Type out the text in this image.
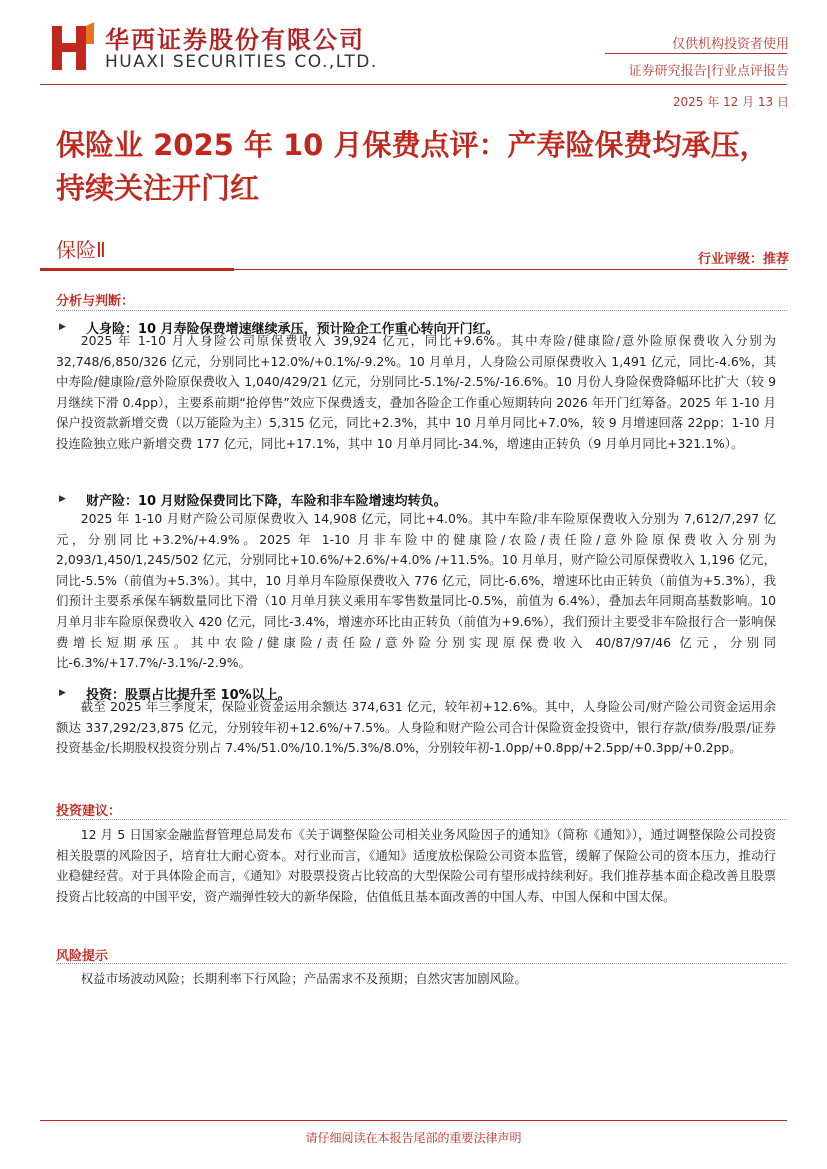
华西证券股份有限公司
HUAXI SECURITIES CO.,LTD.
仅供机构投资者使用
证券研究报告|行业点评报告
2025 年 12 月 13 日
保险业 2025 年 10 月保费点评：产寿险保费均承压，持续关注开门红
保险Ⅱ	行业评级：推荐
分析与判断：
▶ 人身险：10 月寿险保费增速继续承压，预计险企工作重心转向开门红。
2025 年 1-10 月人身险公司原保费收入 39,924 亿元，同比+9.6%。其中寿险/健康险/意外险原保费收入分别为 32,748/6,850/326 亿元，分别同比+12.0%/+0.1%/-9.2%。10 月单月，人身险公司原保费收入 1,491 亿元，同比-4.6%，其中寿险/健康险/意外险原保费收入 1,040/429/21 亿元，分别同比-5.1%/-2.5%/-16.6%。10 月份人身险保费降幅环比扩大（较 9 月继续下滑 0.4pp），主要系前期“抢停售”效应下保费透支，叠加各险企工作重心短期转向 2026 年开门红筹备。2025 年 1-10 月保户投资款新增交费（以万能险为主）5,315 亿元，同比+2.3%，其中 10 月单月同比+7.0%，较 9 月增速回落 22pp；1-10 月投连险独立账户新增交费 177 亿元，同比+17.1%，其中 10 月单月同比-34.%，增速由正转负（9 月单月同比+321.1%）。
▶ 财产险：10 月财险保费同比下降，车险和非车险增速均转负。
2025 年 1-10 月财产险公司原保费收入 14,908 亿元，同比+4.0%。其中车险/非车险原保费收入分别为 7,612/7,297 亿元，分别同比+3.2%/+4.9%。2025 年 1-10 月非车险中的健康险/农险/责任险/意外险原保费收入分别为 2,093/1,450/1,245/502 亿元，分别同比+10.6%/+2.6%/+4.0% /+11.5%。10 月单月，财产险公司原保费收入 1,196 亿元，同比-5.5%（前值为+5.3%）。其中，10 月单月车险原保费收入 776 亿元，同比-6.6%，增速环比由正转负（前值为+5.3%），我们预计主要系承保车辆数量同比下滑（10 月单月狭义乘用车零售数量同比-0.5%，前值为 6.4%），叠加去年同期高基数影响。10 月单月非车险原保费收入 420 亿元，同比-3.4%，增速亦环比由正转负（前值为+9.6%），我们预计主要受非车险报行合一影响保费增长短期承压。其中农险/健康险/责任险/意外险分别实现原保费收入 40/87/97/46 亿元，分别同比-6.3%/+17.7%/-3.1%/-2.9%。
▶ 投资：股票占比提升至 10%以上。
截至 2025 年三季度末，保险业资金运用余额达 374,631 亿元，较年初+12.6%。其中，人身险公司/财产险公司资金运用余额达 337,292/23,875 亿元，分别较年初+12.6%/+7.5%。人身险和财产险公司合计保险资金投资中，银行存款/债券/股票/证券投资基金/长期股权投资分别占 7.4%/51.0%/10.1%/5.3%/8.0%，分别较年初-1.0pp/+0.8pp/+2.5pp/+0.3pp/+0.2pp。
投资建议：
12 月 5 日国家金融监督管理总局发布《关于调整保险公司相关业务风险因子的通知》（简称《通知》），通过调整保险公司投资相关股票的风险因子，培育壮大耐心资本。对行业而言，《通知》适度放松保险公司资本监管，缓解了保险公司的资本压力，推动行业稳健经营。对于具体险企而言，《通知》对股票投资占比较高的大型保险公司有望形成持续利好。我们推荐基本面企稳改善且股票投资占比较高的中国平安，资产端弹性较大的新华保险，估值低且基本面改善的中国人寿、中国人保和中国太保。
风险提示
权益市场波动风险；长期利率下行风险；产品需求不及预期；自然灾害加剧风险。
请仔细阅读在本报告尾部的重要法律声明
